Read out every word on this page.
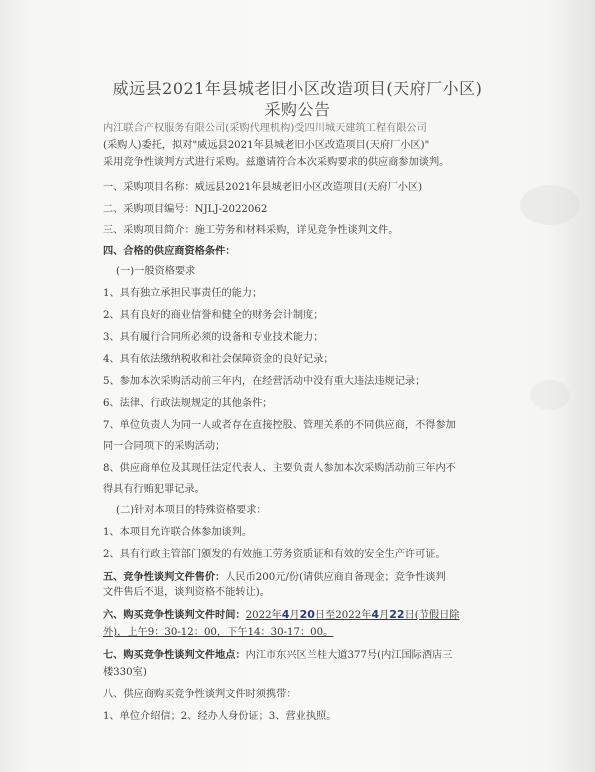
威远县2021年县城老旧小区改造项目(天府厂小区)
采购公告
内江联合产权服务有限公司(采购代理机构)受四川城天建筑工程有限公司
(采购人)委托，拟对"威远县2021年县城老旧小区改造项目(天府厂小区)"
采用竞争性谈判方式进行采购。兹邀请符合本次采购要求的供应商参加谈判。
一、采购项目名称：威远县2021年县城老旧小区改造项目(天府厂小区)
二、采购项目编号：NJLJ-2022062
三、采购项目简介：施工劳务和材料采购，详见竞争性谈判文件。
四、合格的供应商资格条件：
(一)一般资格要求
1、具有独立承担民事责任的能力；
2、具有良好的商业信誉和健全的财务会计制度；
3、具有履行合同所必须的设备和专业技术能力；
4、具有依法缴纳税收和社会保障资金的良好记录；
5、参加本次采购活动前三年内，在经营活动中没有重大违法违规记录；
6、法律、行政法规规定的其他条件；
7、单位负责人为同一人或者存在直接控股、管理关系的不同供应商，不得参加
同一合同项下的采购活动；
8、供应商单位及其现任法定代表人、主要负责人参加本次采购活动前三年内不
得具有行贿犯罪记录。
(二)针对本项目的特殊资格要求：
1、本项目允许联合体参加谈判。
2、具有行政主管部门颁发的有效施工劳务资质证和有效的安全生产许可证。
五、竞争性谈判文件售价：人民币200元/份(请供应商自备现金；竞争性谈判
文件售后不退，谈判资格不能转让)。
六、购买竞争性谈判文件时间：2022年4月20日至2022年4月22日(节假日除
外)，上午9：30-12：00，下午14：30-17：00。
七、购买竞争性谈判文件地点：内江市东兴区兰桂大道377号(内江国际酒店三
楼330室)
八、供应商购买竞争性谈判文件时须携带：
1、单位介绍信；2、经办人身份证；3、营业执照。
